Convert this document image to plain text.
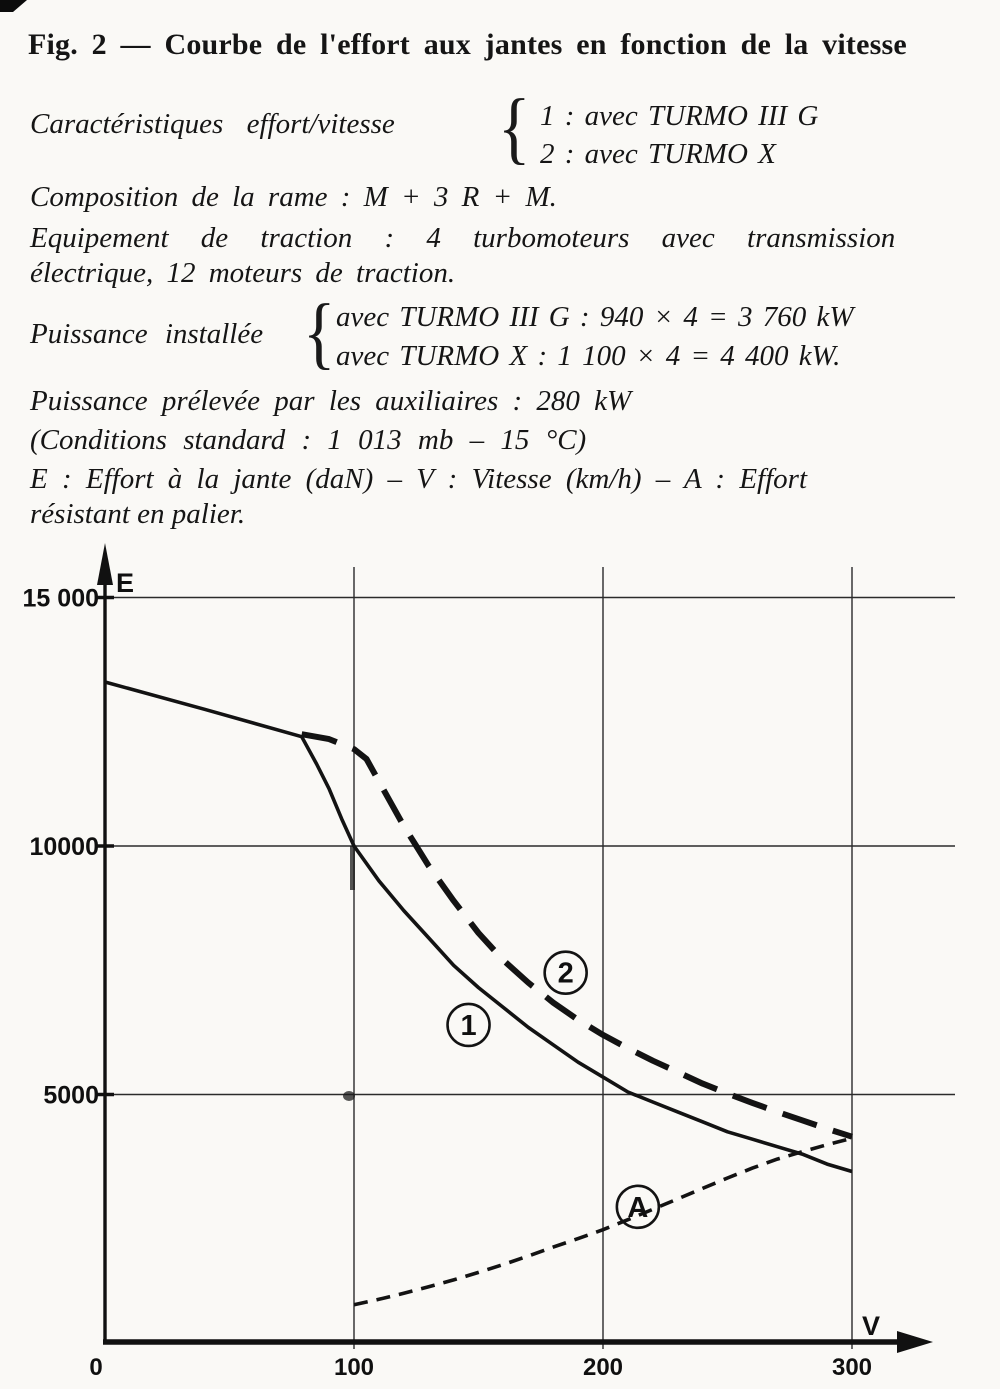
Fig. 2 — Courbe de l'effort aux jantes en fonction de la vitesse
Caractéristiques effort/vitesse { 1 : avec TURMO III G
2 : avec TURMO X
Composition de la rame : M + 3 R + M.
Equipement de traction : 4 turbomoteurs avec transmission
électrique, 12 moteurs de traction.
Puissance installée { avec TURMO III G : 940 × 4 = 3 760 kW
avec TURMO X : 1 100 × 4 = 4 400 kW.
Puissance prélevée par les auxiliaires : 280 kW
(Conditions standard : 1 013 mb – 15 °C)
E : Effort à la jante (daN) – V : Vitesse (km/h) – A : Effort
résistant en palier.
E
V
0	100	200	300
5000
10000
15 000
1
2
A
